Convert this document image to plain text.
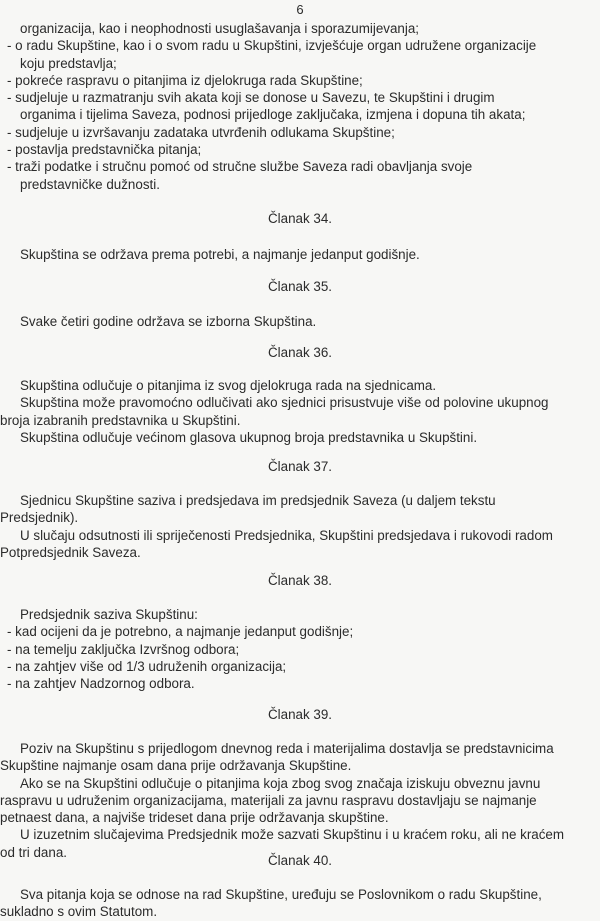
6

organizacija, kao i neophodnosti usuglašavanja i sporazumijevanja;

- o radu Skupštine, kao i o svom radu u Skupštini, izvješćuje organ udružene organizacije

koju predstavlja;

- pokreće raspravu o pitanjima iz djelokruga rada Skupštine;

- sudjeluje u razmatranju svih akata koji se donose u Savezu, te Skupštini i drugim

organima i tijelima Saveza, podnosi prijedloge zaključaka, izmjena i dopuna tih akata;

- sudjeluje u izvršavanju zadataka utvrđenih odlukama Skupštine;

- postavlja predstavnička pitanja;

- traži podatke i stručnu pomoć od stručne službe Saveza radi obavljanja svoje

predstavničke dužnosti.

Članak 34.

Skupština se održava prema potrebi, a najmanje jedanput godišnje.

Članak 35.

Svake četiri godine održava se izborna Skupština.

Članak 36.

Skupština odlučuje o pitanjima iz svog djelokruga rada na sjednicama.

Skupština može pravomoćno odlučivati ako sjednici prisustvuje više od polovine ukupnog

broja izabranih predstavnika u Skupštini.

Skupština odlučuje većinom glasova ukupnog broja predstavnika u Skupštini.

Članak 37.

Sjednicu Skupštine saziva i predsjedava im predsjednik Saveza (u daljem tekstu

Predsjednik).

U slučaju odsutnosti ili spriječenosti Predsjednika, Skupštini predsjedava i rukovodi radom

Potpredsjednik Saveza.

Članak 38.

Predsjednik saziva Skupštinu:

- kad ocijeni da je potrebno, a najmanje jedanput godišnje;

- na temelju zaključka Izvršnog odbora;

- na zahtjev više od 1/3 udruženih organizacija;

- na zahtjev Nadzornog odbora.

Članak 39.

Poziv na Skupštinu s prijedlogom dnevnog reda i materijalima dostavlja se predstavnicima

Skupštine najmanje osam dana prije održavanja Skupštine.

Ako se na Skupštini odlučuje o pitanjima koja zbog svog značaja iziskuju obveznu javnu

raspravu u udruženim organizacijama, materijali za javnu raspravu dostavljaju se najmanje

petnaest dana, a najviše trideset dana prije održavanja skupštine.

U izuzetnim slučajevima Predsjednik može sazvati Skupštinu i u kraćem roku, ali ne kraćem

od tri dana.

Članak 40.

Sva pitanja koja se odnose na rad Skupštine, uređuju se Poslovnikom o radu Skupštine,

sukladno s ovim Statutom.
